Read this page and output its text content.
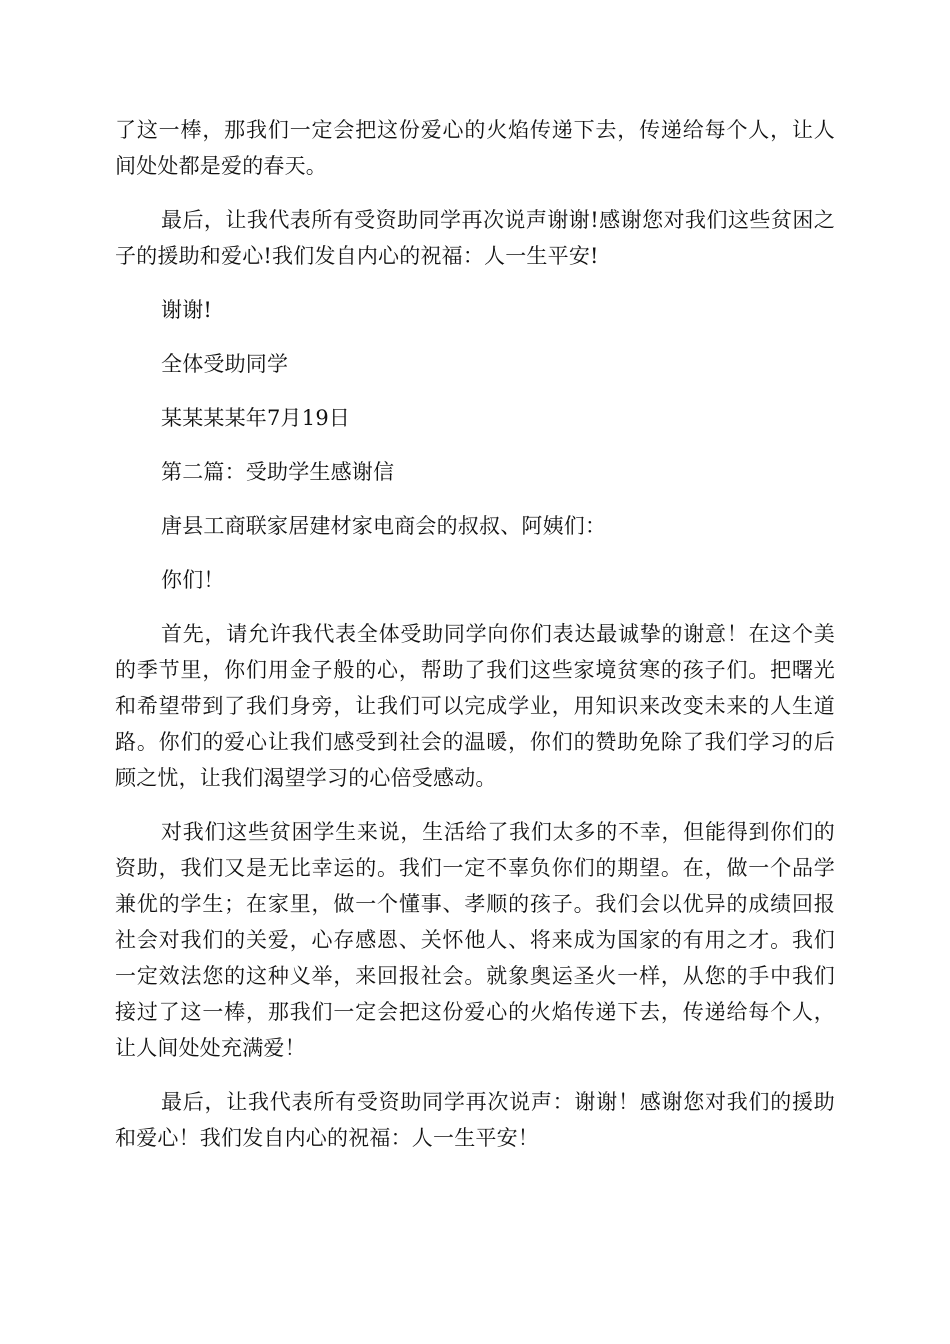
了这一棒，那我们一定会把这份爱心的火焰传递下去，传递给每个人，让人间处处都是爱的春天。

最后，让我代表所有受资助同学再次说声谢谢!感谢您对我们这些贫困之子的援助和爱心!我们发自内心的祝福：人一生平安!

谢谢!

全体受助同学

某某某某年7月19日

第二篇：受助学生感谢信

唐县工商联家居建材家电商会的叔叔、阿姨们：

你们！

首先，请允许我代表全体受助同学向你们表达最诚挚的谢意！在这个美的季节里，你们用金子般的心，帮助了我们这些家境贫寒的孩子们。把曙光和希望带到了我们身旁，让我们可以完成学业，用知识来改变未来的人生道路。你们的爱心让我们感受到社会的温暖，你们的赞助免除了我们学习的后顾之忧，让我们渴望学习的心倍受感动。

对我们这些贫困学生来说，生活给了我们太多的不幸，但能得到你们的资助，我们又是无比幸运的。我们一定不辜负你们的期望。在，做一个品学兼优的学生；在家里，做一个懂事、孝顺的孩子。我们会以优异的成绩回报社会对我们的关爱，心存感恩、关怀他人、将来成为国家的有用之才。我们一定效法您的这种义举，来回报社会。就象奥运圣火一样，从您的手中我们接过了这一棒，那我们一定会把这份爱心的火焰传递下去，传递给每个人，让人间处处充满爱！

最后，让我代表所有受资助同学再次说声：谢谢！感谢您对我们的援助和爱心！我们发自内心的祝福：人一生平安！
